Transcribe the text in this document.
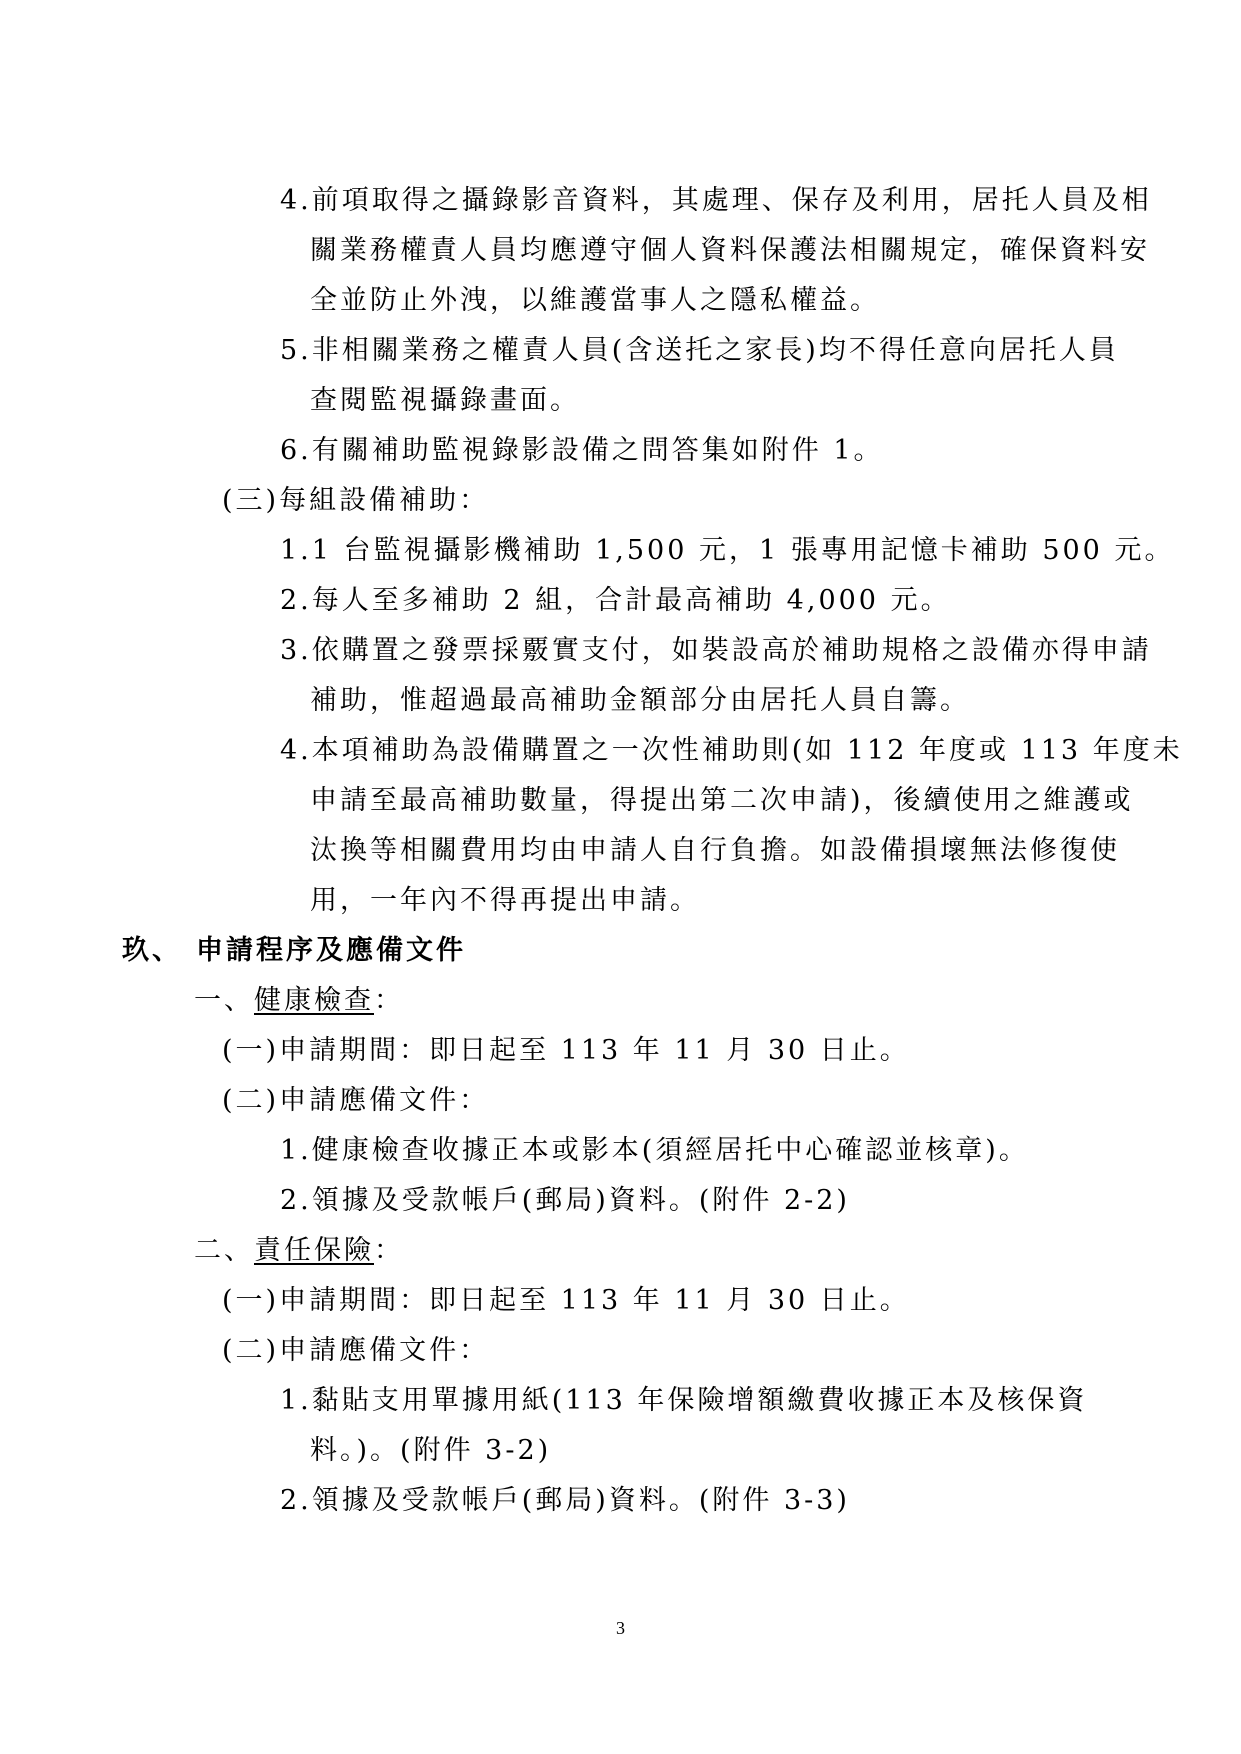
4.前項取得之攝錄影音資料，其處理、保存及利用，居托人員及相
關業務權責人員均應遵守個人資料保護法相關規定，確保資料安
全並防止外洩，以維護當事人之隱私權益。
5.非相關業務之權責人員(含送托之家長)均不得任意向居托人員
查閱監視攝錄畫面。
6.有關補助監視錄影設備之問答集如附件 1。
(三)每組設備補助：
1.1 台監視攝影機補助 1,500 元，1 張專用記憶卡補助 500 元。
2.每人至多補助 2 組，合計最高補助 4,000 元。
3.依購置之發票採覈實支付，如裝設高於補助規格之設備亦得申請
補助，惟超過最高補助金額部分由居托人員自籌。
4.本項補助為設備購置之一次性補助則(如 112 年度或 113 年度未
申請至最高補助數量，得提出第二次申請)，後續使用之維護或
汰換等相關費用均由申請人自行負擔。如設備損壞無法修復使
用，一年內不得再提出申請。
玖、 申請程序及應備文件
一、健康檢查：
(一)申請期間：即日起至 113 年 11 月 30 日止。
(二)申請應備文件：
1.健康檢查收據正本或影本(須經居托中心確認並核章)。
2.領據及受款帳戶(郵局)資料。(附件 2-2)
二、責任保險：
(一)申請期間：即日起至 113 年 11 月 30 日止。
(二)申請應備文件：
1.黏貼支用單據用紙(113 年保險增額繳費收據正本及核保資
料。)。(附件 3-2)
2.領據及受款帳戶(郵局)資料。(附件 3-3)
3
